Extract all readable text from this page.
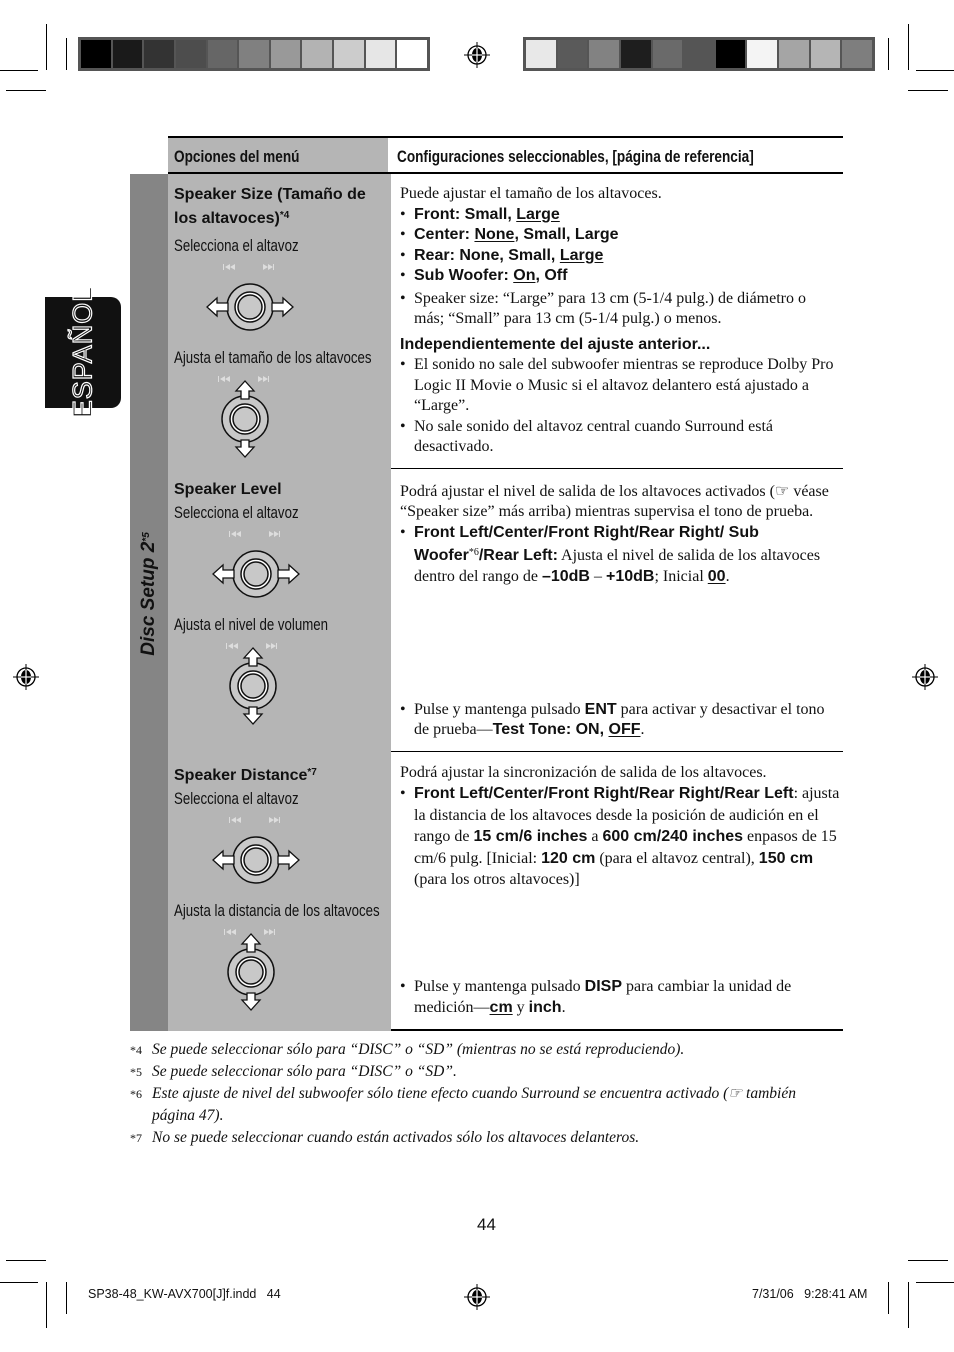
ESPAÑOL
Opciones del menú	Configuraciones seleccionables, [página de referencia]
Disc Setup 2$^{*5}$
Speaker Size (Tamaño de los altavoces)$^{*4}$
Selecciona el altavoz
Ajusta el tamaño de los altavoces
Puede ajustar el tamaño de los altavoces.
• Front: Small, Large
• Center: None, Small, Large
• Rear: None, Small, Large
• Sub Woofer: On, Off
• Speaker size: “Large” para 13 cm (5-1/4 pulg.) de diámetro o más; “Small” para 13 cm (5-1/4 pulg.) o menos.
Independientemente del ajuste anterior...
• El sonido no sale del subwoofer mientras se reproduce Dolby Pro Logic II Movie o Music si el altavoz delantero está ajustado a “Large”.
• No sale sonido del altavoz central cuando Surround está desactivado.
Speaker Level
Selecciona el altavoz
Ajusta el nivel de volumen
Podrá ajustar el nivel de salida de los altavoces activados (☞ véase “Speaker size” más arriba) mientras supervisa el tono de prueba.
• Front Left/Center/Front Right/Rear Right/ Sub Woofer$^{*6}$/Rear Left: Ajusta el nivel de salida de los altavoces dentro del rango de –10dB – +10dB; Inicial 00.
• Pulse y mantenga pulsado ENT para activar y desactivar el tono de prueba—Test Tone: ON, OFF.
Speaker Distance$^{*7}$
Selecciona el altavoz
Ajusta la distancia de los altavoces
Podrá ajustar la sincronización de salida de los altavoces.
• Front Left/Center/Front Right/Rear Right/Rear Left: ajusta la distancia de los altavoces desde la posición de audición en el rango de 15 cm/6 inches a 600 cm/240 inches enpasos de 15 cm/6 pulg. [Inicial: 120 cm (para el altavoz central), 150 cm (para los otros altavoces)]
• Pulse y mantenga pulsado DISP para cambiar la unidad de medición—cm y inch.
*4 Se puede seleccionar sólo para “DISC” o “SD” (mientras no se está reproduciendo).
*5 Se puede seleccionar sólo para “DISC” o “SD”.
*6 Este ajuste de nivel del subwoofer sólo tiene efecto cuando Surround se encuentra activado (☞ también página 47).
*7 No se puede seleccionar cuando están activados sólo los altavoces delanteros.
44
SP38-48_KW-AVX700[J]f.indd   44	7/31/06   9:28:41 AM
